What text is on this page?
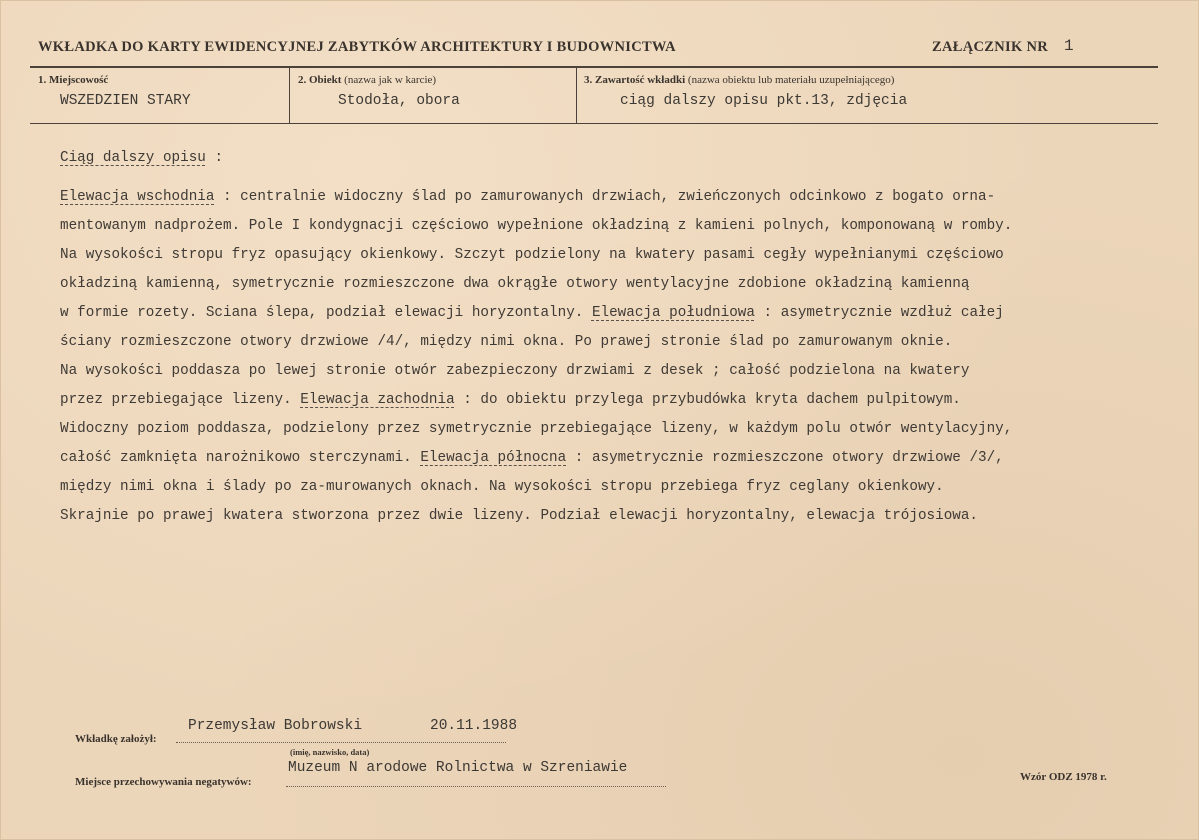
WKŁADKA DO KARTY EWIDENCYJNEJ ZABYTKÓW ARCHITEKTURY I BUDOWNICTWA	ZAŁĄCZNIK NR 1
1. Miejscowość
WSZEDZIEN STARY
2. Obiekt (nazwa jak w karcie)
Stodoła, obora
3. Zawartość wkładki (nazwa obiektu lub materiału uzupełniającego)
ciąg dalszy opisu pkt.13, zdjęcia
Ciąg dalszy opisu :
Elewacja wschodnia : centralnie widoczny ślad po zamurowanych drzwiach, zwieńczonych odcinkowo z bogato orna-
mentowanym nadprożem. Pole I kondygnacji częściowo wypełnione okładziną z kamieni polnych, komponowaną w romby.
Na wysokości stropu fryz opasujący okienkowy. Szczyt podzielony na kwatery pasami cegły wypełnianymi częściowo
okładziną kamienną, symetrycznie rozmieszczone dwa okrągłe otwory wentylacyjne zdobione okładziną kamienną
w formie rozety. Sciana ślepa, podział elewacji horyzontalny. Elewacja południowa : asymetrycznie wzdłuż całej
ściany rozmieszczone otwory drzwiowe /4/, między nimi okna. Po prawej stronie ślad po zamurowanym oknie.
Na wysokości poddasza po lewej stronie otwór zabezpieczony drzwiami z desek ; całość podzielona na kwatery
przez przebiegające lizeny. Elewacja zachodnia : do obiektu przylega przybudówka kryta dachem pulpitowym.
Widoczny poziom poddasza, podzielony przez symetrycznie przebiegające lizeny, w każdym polu otwór wentylacyjny,
całość zamknięta narożnikowo sterczynami. Elewacja północna : asymetrycznie rozmieszczone otwory drzwiowe /3/,
między nimi okna i ślady po za-murowanych oknach. Na wysokości stropu przebiega fryz ceglany okienkowy.
Skrajnie po prawej kwatera stworzona przez dwie lizeny. Podział elewacji horyzontalny, elewacja trójosiowa.
Wkładkę założył:
Przemysław Bobrowski	20.11.1988
(imię, nazwisko, data)
Miejsce przechowywania negatywów:
Muzeum N arodowe Rolnictwa w Szreniawie
Wzór ODZ 1978 r.
